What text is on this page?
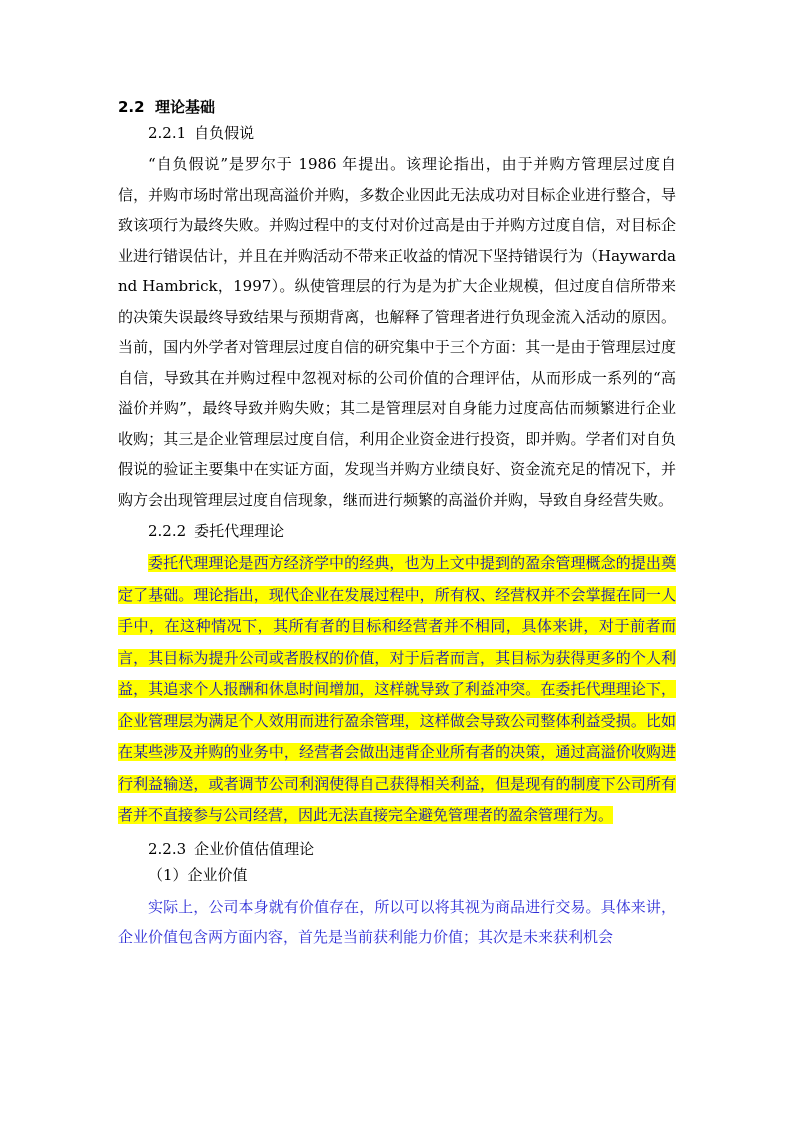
2.2 理论基础
2.2.1 自负假说

“自负假说”是罗尔于 1986 年提出。该理论指出，由于并购方管理层过度自信，并购市场时常出现高溢价并购，多数企业因此无法成功对目标企业进行整合，导致该项行为最终失败。并购过程中的支付对价过高是由于并购方过度自信，对目标企业进行错误估计，并且在并购活动不带来正收益的情况下坚持错误行为（Haywardand Hambrick，1997）。纵使管理层的行为是为扩大企业规模，但过度自信所带来的决策失误最终导致结果与预期背离，也解释了管理者进行负现金流入活动的原因。当前，国内外学者对管理层过度自信的研究集中于三个方面：其一是由于管理层过度自信，导致其在并购过程中忽视对标的公司价值的合理评估，从而形成一系列的“高溢价并购”，最终导致并购失败；其二是管理层对自身能力过度高估而频繁进行企业收购；其三是企业管理层过度自信，利用企业资金进行投资，即并购。学者们对自负假说的验证主要集中在实证方面，发现当并购方业绩良好、资金流充足的情况下，并购方会出现管理层过度自信现象，继而进行频繁的高溢价并购，导致自身经营失败。

2.2.2 委托代理理论

委托代理理论是西方经济学中的经典，也为上文中提到的盈余管理概念的提出奠定了基础。理论指出，现代企业在发展过程中，所有权、经营权并不会掌握在同一人手中，在这种情况下，其所有者的目标和经营者并不相同，具体来讲，对于前者而言，其目标为提升公司或者股权的价值，对于后者而言，其目标为获得更多的个人利益，其追求个人报酬和休息时间增加，这样就导致了利益冲突。在委托代理理论下，企业管理层为满足个人效用而进行盈余管理，这样做会导致公司整体利益受损。比如在某些涉及并购的业务中，经营者会做出违背企业所有者的决策，通过高溢价收购进行利益输送，或者调节公司利润使得自己获得相关利益，但是现有的制度下公司所有者并不直接参与公司经营，因此无法直接完全避免管理者的盈余管理行为。

2.2.3 企业价值估值理论
（1）企业价值

实际上，公司本身就有价值存在，所以可以将其视为商品进行交易。具体来讲，企业价值包含两方面内容，首先是当前获利能力价值；其次是未来获利机会
